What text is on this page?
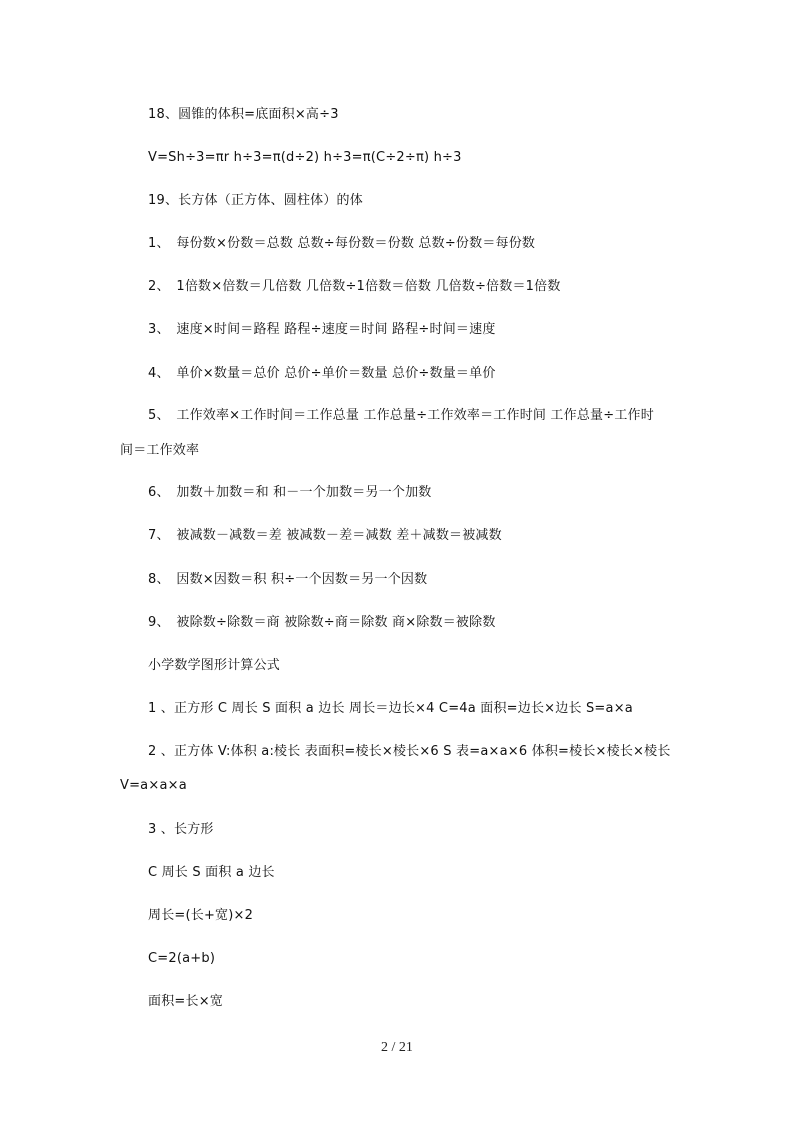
18、圆锥的体积=底面积×高÷3
V=Sh÷3=πr h÷3=π(d÷2) h÷3=π(C÷2÷π) h÷3
19、长方体（正方体、圆柱体）的体
1、　每份数×份数＝总数 总数÷每份数＝份数 总数÷份数＝每份数
2、　1倍数×倍数＝几倍数 几倍数÷1倍数＝倍数 几倍数÷倍数＝1倍数
3、　速度×时间＝路程 路程÷速度＝时间 路程÷时间＝速度
4、　单价×数量＝总价 总价÷单价＝数量 总价÷数量＝单价
5、　工作效率×工作时间＝工作总量 工作总量÷工作效率＝工作时间 工作总量÷工作时
间＝工作效率
6、　加数＋加数＝和 和－一个加数＝另一个加数
7、　被减数－减数＝差 被减数－差＝减数 差＋减数＝被减数
8、　因数×因数＝积 积÷一个因数＝另一个因数
9、　被除数÷除数＝商 被除数÷商＝除数 商×除数＝被除数
小学数学图形计算公式
1 、正方形 C 周长 S 面积 a 边长 周长＝边长×4 C=4a 面积=边长×边长 S=a×a
2 、正方体 V:体积 a:棱长 表面积=棱长×棱长×6 S 表=a×a×6 体积=棱长×棱长×棱长
V=a×a×a
3 、长方形
C 周长 S 面积 a 边长
周长=(长+宽)×2
C=2(a+b)
面积=长×宽
2 / 21
